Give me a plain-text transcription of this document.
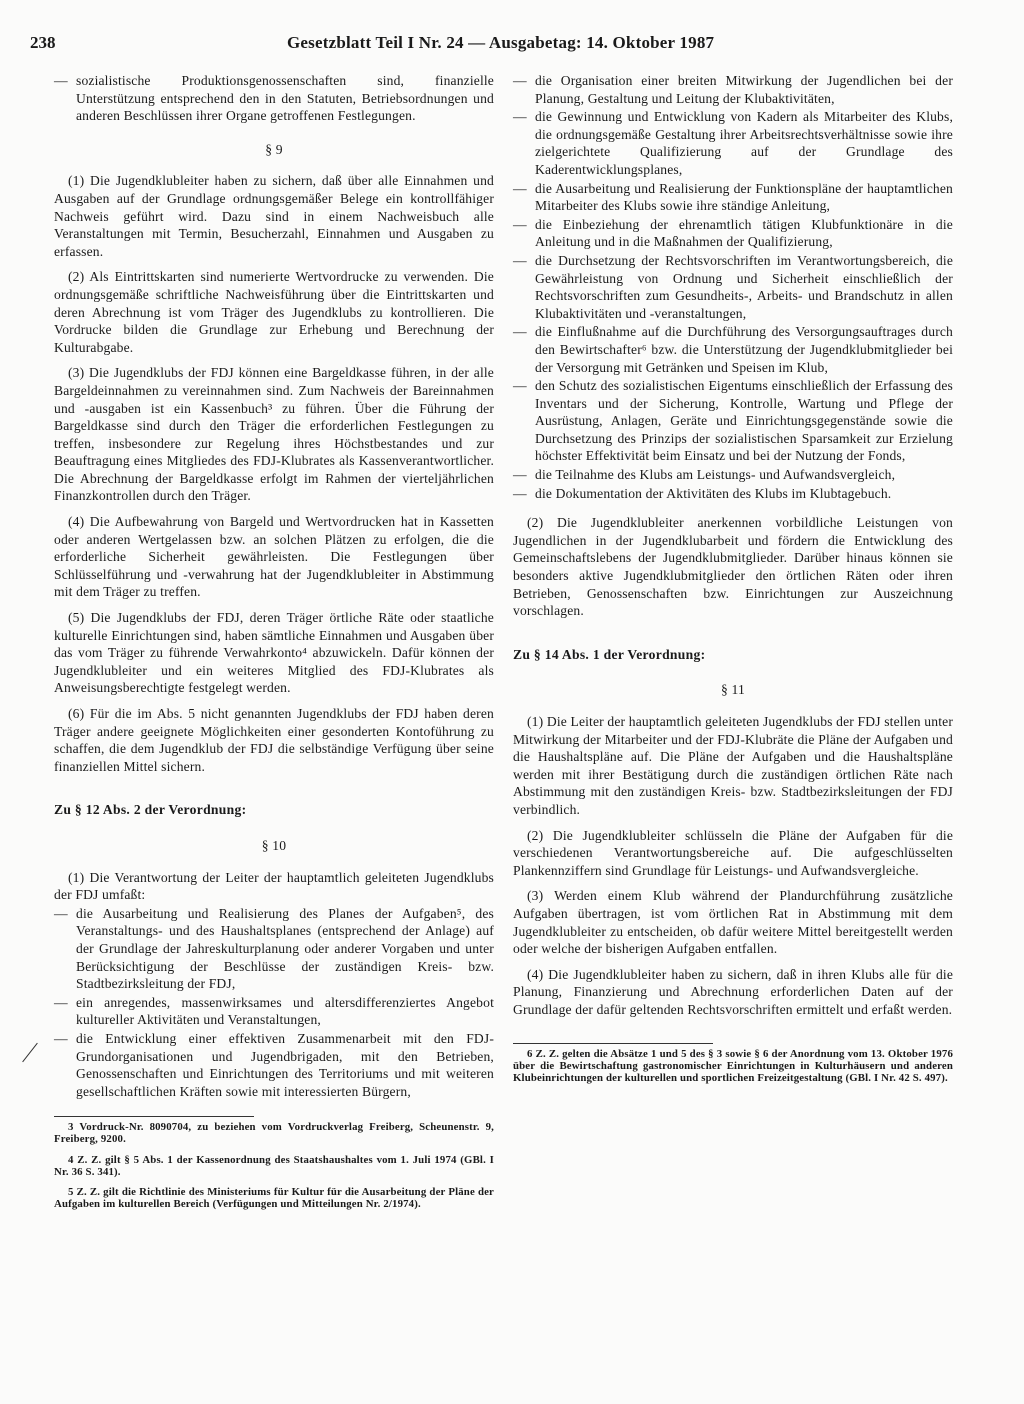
238	Gesetzblatt Teil I Nr. 24 — Ausgabetag: 14. Oktober 1987
— sozialistische Produktionsgenossenschaften sind, finanzielle Unterstützung entsprechend den in den Statuten, Betriebsordnungen und anderen Beschlüssen ihrer Organe getroffenen Festlegungen.
§ 9

(1) Die Jugendklubleiter haben zu sichern, daß über alle Einnahmen und Ausgaben auf der Grundlage ordnungsgemäßer Belege ein kontrollfähiger Nachweis geführt wird. Dazu sind in einem Nachweisbuch alle Veranstaltungen mit Termin, Besucherzahl, Einnahmen und Ausgaben zu erfassen.

(2) Als Eintrittskarten sind numerierte Wertvordrucke zu verwenden. Die ordnungsgemäße schriftliche Nachweisführung über die Eintrittskarten und deren Abrechnung ist vom Träger des Jugendklubs zu kontrollieren. Die Vordrucke bilden die Grundlage zur Erhebung und Berechnung der Kulturabgabe.

(3) Die Jugendklubs der FDJ können eine Bargeldkasse führen, in der alle Bargeldeinnahmen zu vereinnahmen sind. Zum Nachweis der Bareinnahmen und -ausgaben ist ein Kassenbuch³ zu führen. Über die Führung der Bargeldkasse sind durch den Träger die erforderlichen Festlegungen zu treffen, insbesondere zur Regelung ihres Höchstbestandes und zur Beauftragung eines Mitgliedes des FDJ-Klubrates als Kassenverantwortlicher. Die Abrechnung der Bargeldkasse erfolgt im Rahmen der vierteljährlichen Finanzkontrollen durch den Träger.

(4) Die Aufbewahrung von Bargeld und Wertvordrucken hat in Kassetten oder anderen Wertgelassen bzw. an solchen Plätzen zu erfolgen, die die erforderliche Sicherheit gewährleisten. Die Festlegungen über Schlüsselführung und -verwahrung hat der Jugendklubleiter in Abstimmung mit dem Träger zu treffen.

(5) Die Jugendklubs der FDJ, deren Träger örtliche Räte oder staatliche kulturelle Einrichtungen sind, haben sämtliche Einnahmen und Ausgaben über das vom Träger zu führende Verwahrkonto⁴ abzuwickeln. Dafür können der Jugendklubleiter und ein weiteres Mitglied des FDJ-Klubrates als Anweisungsberechtigte festgelegt werden.

(6) Für die im Abs. 5 nicht genannten Jugendklubs der FDJ haben deren Träger andere geeignete Möglichkeiten einer gesonderten Kontoführung zu schaffen, die dem Jugendklub der FDJ die selbständige Verfügung über seine finanziellen Mittel sichern.

Zu § 12 Abs. 2 der Verordnung:
§ 10

(1) Die Verantwortung der Leiter der hauptamtlich geleiteten Jugendklubs der FDJ umfaßt:

— die Ausarbeitung und Realisierung des Planes der Aufgaben⁵, des Veranstaltungs- und des Haushaltsplanes (entsprechend der Anlage) auf der Grundlage der Jahreskulturplanung oder anderer Vorgaben und unter Berücksichtigung der Beschlüsse der zuständigen Kreis- bzw. Stadtbezirksleitung der FDJ,
— ein anregendes, massenwirksames und altersdifferenziertes Angebot kultureller Aktivitäten und Veranstaltungen,
— die Entwicklung einer effektiven Zusammenarbeit mit den FDJ-Grundorganisationen und Jugendbrigaden, mit den Betrieben, Genossenschaften und Einrichtungen des Territoriums und mit weiteren gesellschaftlichen Kräften sowie mit interessierten Bürgern,

3 Vordruck-Nr. 8090704, zu beziehen vom Vordruckverlag Freiberg, Scheunenstr. 9, Freiberg, 9200.

4 Z. Z. gilt § 5 Abs. 1 der Kassenordnung des Staatshaushaltes vom 1. Juli 1974 (GBl. I Nr. 36 S. 341).

5 Z. Z. gilt die Richtlinie des Ministeriums für Kultur für die Ausarbeitung der Pläne der Aufgaben im kulturellen Bereich (Verfügungen und Mitteilungen Nr. 2/1974).

— die Organisation einer breiten Mitwirkung der Jugendlichen bei der Planung, Gestaltung und Leitung der Klubaktivitäten,
— die Gewinnung und Entwicklung von Kadern als Mitarbeiter des Klubs, die ordnungsgemäße Gestaltung ihrer Arbeitsrechtsverhältnisse sowie ihre zielgerichtete Qualifizierung auf der Grundlage des Kaderentwicklungsplanes,
— die Ausarbeitung und Realisierung der Funktionspläne der hauptamtlichen Mitarbeiter des Klubs sowie ihre ständige Anleitung,
— die Einbeziehung der ehrenamtlich tätigen Klubfunktionäre in die Anleitung und in die Maßnahmen der Qualifizierung,
— die Durchsetzung der Rechtsvorschriften im Verantwortungsbereich, die Gewährleistung von Ordnung und Sicherheit einschließlich der Rechtsvorschriften zum Gesundheits-, Arbeits- und Brandschutz in allen Klubaktivitäten und -veranstaltungen,
— die Einflußnahme auf die Durchführung des Versorgungsauftrages durch den Bewirtschafter⁶ bzw. die Unterstützung der Jugendklubmitglieder bei der Versorgung mit Getränken und Speisen im Klub,
— den Schutz des sozialistischen Eigentums einschließlich der Erfassung des Inventars und der Sicherung, Kontrolle, Wartung und Pflege der Ausrüstung, Anlagen, Geräte und Einrichtungsgegenstände sowie die Durchsetzung des Prinzips der sozialistischen Sparsamkeit zur Erzielung höchster Effektivität beim Einsatz und bei der Nutzung der Fonds,
— die Teilnahme des Klubs am Leistungs- und Aufwandsvergleich,
— die Dokumentation der Aktivitäten des Klubs im Klubtagebuch.

(2) Die Jugendklubleiter anerkennen vorbildliche Leistungen von Jugendlichen in der Jugendklubarbeit und fördern die Entwicklung des Gemeinschaftslebens der Jugendklubmitglieder. Darüber hinaus können sie besonders aktive Jugendklubmitglieder den örtlichen Räten oder ihren Betrieben, Genossenschaften bzw. Einrichtungen zur Auszeichnung vorschlagen.

Zu § 14 Abs. 1 der Verordnung:
§ 11

(1) Die Leiter der hauptamtlich geleiteten Jugendklubs der FDJ stellen unter Mitwirkung der Mitarbeiter und der FDJ-Klubräte die Pläne der Aufgaben und die Haushaltspläne auf. Die Pläne der Aufgaben und die Haushaltspläne werden mit ihrer Bestätigung durch die zuständigen örtlichen Räte nach Abstimmung mit den zuständigen Kreis- bzw. Stadtbezirksleitungen der FDJ verbindlich.

(2) Die Jugendklubleiter schlüsseln die Pläne der Aufgaben für die verschiedenen Verantwortungsbereiche auf. Die aufgeschlüsselten Plankennziffern sind Grundlage für Leistungs- und Aufwandsvergleiche.

(3) Werden einem Klub während der Plandurchführung zusätzliche Aufgaben übertragen, ist vom örtlichen Rat in Abstimmung mit dem Jugendklubleiter zu entscheiden, ob dafür weitere Mittel bereitgestellt werden oder welche der bisherigen Aufgaben entfallen.

(4) Die Jugendklubleiter haben zu sichern, daß in ihren Klubs alle für die Planung, Finanzierung und Abrechnung erforderlichen Daten auf der Grundlage der dafür geltenden Rechtsvorschriften ermittelt und erfaßt werden.

6 Z. Z. gelten die Absätze 1 und 5 des § 3 sowie § 6 der Anordnung vom 13. Oktober 1976 über die Bewirtschaftung gastronomischer Einrichtungen in Kulturhäusern und anderen Klubeinrichtungen der kulturellen und sportlichen Freizeitgestaltung (GBl. I Nr. 42 S. 497).
